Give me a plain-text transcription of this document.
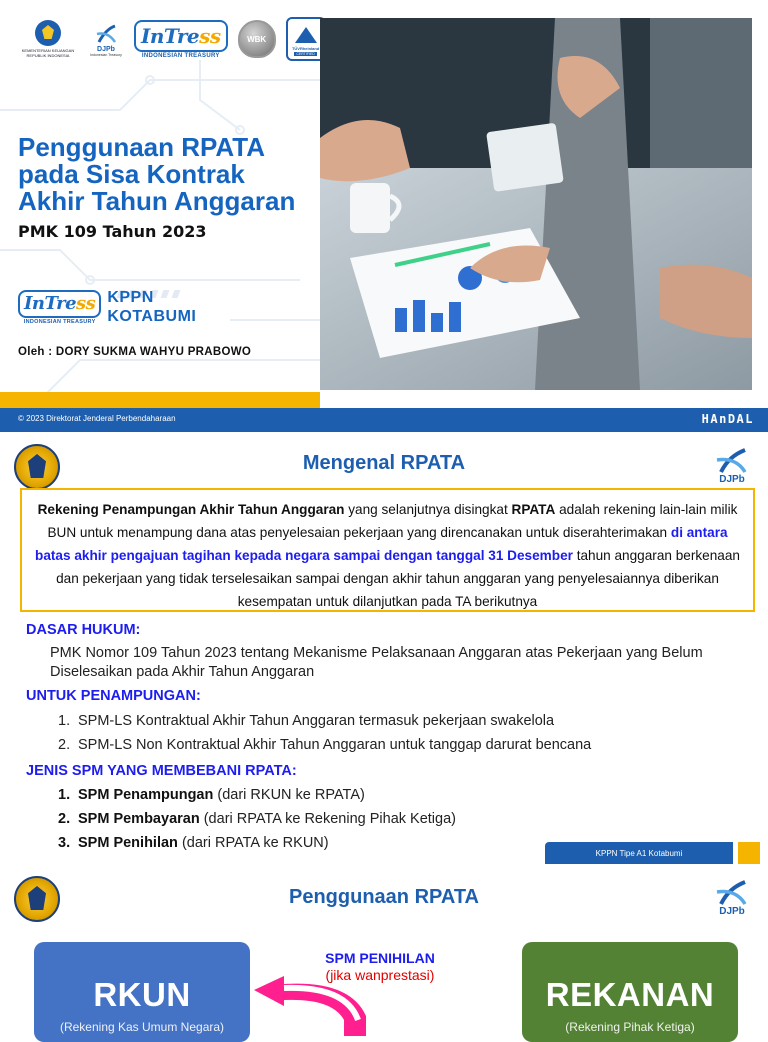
KEMENTERIAN KEUANGAN REPUBLIK INDONESIA
DJPb
Indonesian Treasury
InTress
INDONESIAN TREASURY
WBK
TÜVRheinland
CERTIFIED
Penggunaan RPATA
pada Sisa Kontrak
Akhir Tahun Anggaran
PMK 109 Tahun 2023
InTress
INDONESIAN TREASURY
KPPN
KOTABUMI
Oleh : DORY SUKMA WAHYU PRABOWO
© 2023 Direktorat Jenderal Perbendaharaan	HAnDAL
DJPb
Mengenal RPATA
Rekening Penampungan Akhir Tahun Anggaran yang selanjutnya disingkat RPATA adalah rekening lain-lain milik BUN untuk menampung dana atas penyelesaian pekerjaan yang direncanakan untuk diserahterimakan di antara batas akhir pengajuan tagihan kepada negara sampai dengan tanggal 31 Desember tahun anggaran berkenaan dan pekerjaan yang tidak terselesaikan sampai dengan akhir tahun anggaran yang penyelesaiannya diberikan kesempatan untuk dilanjutkan pada TA berikutnya
DASAR HUKUM:
PMK Nomor 109 Tahun 2023 tentang Mekanisme Pelaksanaan Anggaran atas Pekerjaan yang Belum Diselesaikan pada Akhir Tahun Anggaran
UNTUK PENAMPUNGAN:
1. SPM-LS Kontraktual Akhir Tahun Anggaran termasuk pekerjaan swakelola
2. SPM-LS Non Kontraktual Akhir Tahun Anggaran untuk tanggap darurat bencana
JENIS SPM YANG MEMBEBANI RPATA:
1. SPM Penampungan (dari RKUN ke RPATA)
2. SPM Pembayaran (dari RPATA ke Rekening Pihak Ketiga)
3. SPM Penihilan (dari RPATA ke RKUN)
KPPN Tipe A1 Kotabumi
DJPb
Penggunaan RPATA
RKUN
(Rekening Kas Umum Negara)
SPM PENIHILAN
(jika wanprestasi)
REKANAN
(Rekening Pihak Ketiga)
